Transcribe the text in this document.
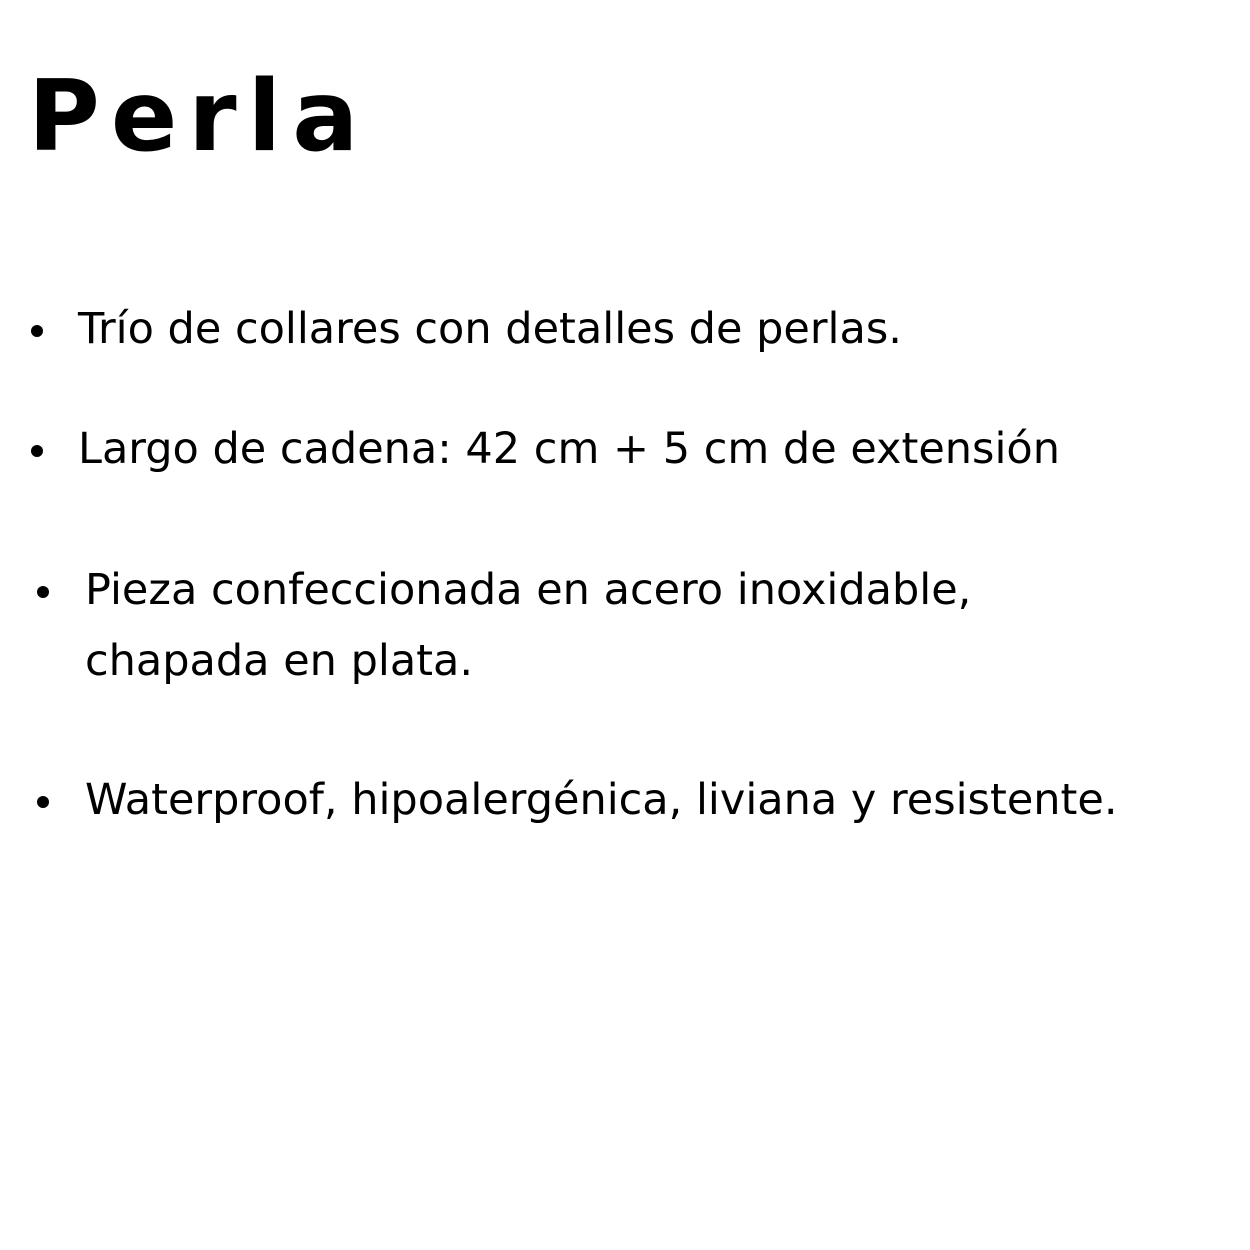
Perla
Trío de collares con detalles de perlas.
Largo de cadena: 42 cm + 5 cm de extensión
Pieza confeccionada en acero inoxidable,
chapada en plata.
Waterproof, hipoalergénica, liviana y resistente.
